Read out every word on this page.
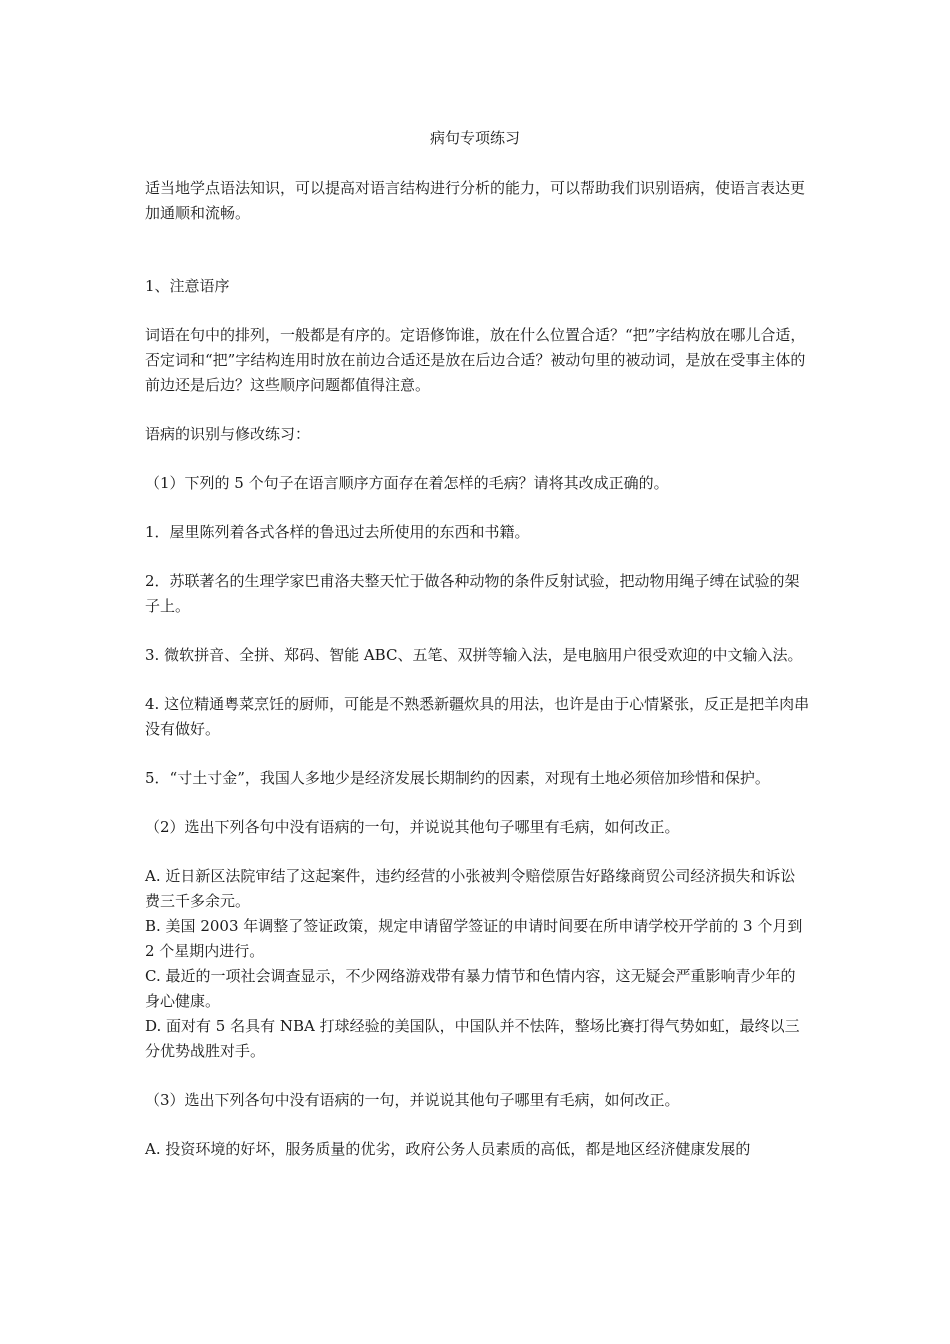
病句专项练习

适当地学点语法知识，可以提高对语言结构进行分析的能力，可以帮助我们识别语病，使语言表达更加通顺和流畅。

1、注意语序

词语在句中的排列，一般都是有序的。定语修饰谁，放在什么位置合适？“把”字结构放在哪儿合适，否定词和“把”字结构连用时放在前边合适还是放在后边合适？被动句里的被动词，是放在受事主体的前边还是后边？这些顺序问题都值得注意。

语病的识别与修改练习：

（1）下列的 5 个句子在语言顺序方面存在着怎样的毛病？请将其改成正确的。

1．屋里陈列着各式各样的鲁迅过去所使用的东西和书籍。

2．苏联著名的生理学家巴甫洛夫整天忙于做各种动物的条件反射试验，把动物用绳子缚在试验的架子上。

3. 微软拼音、全拼、郑码、智能 ABC、五笔、双拼等输入法，是电脑用户很受欢迎的中文输入法。

4. 这位精通粤菜烹饪的厨师，可能是不熟悉新疆炊具的用法，也许是由于心情紧张，反正是把羊肉串没有做好。

5．“寸土寸金”，我国人多地少是经济发展长期制约的因素，对现有土地必须倍加珍惜和保护。

（2）选出下列各句中没有语病的一句，并说说其他句子哪里有毛病，如何改正。

A. 近日新区法院审结了这起案件，违约经营的小张被判令赔偿原告好路缘商贸公司经济损失和诉讼费三千多余元。

B. 美国 2003 年调整了签证政策，规定申请留学签证的申请时间要在所申请学校开学前的 3 个月到 2 个星期内进行。

C. 最近的一项社会调查显示，不少网络游戏带有暴力情节和色情内容，这无疑会严重影响青少年的身心健康。

D. 面对有 5 名具有 NBA 打球经验的美国队，中国队并不怯阵，整场比赛打得气势如虹，最终以三分优势战胜对手。

（3）选出下列各句中没有语病的一句，并说说其他句子哪里有毛病，如何改正。

A. 投资环境的好坏，服务质量的优劣，政府公务人员素质的高低，都是地区经济健康发展的
